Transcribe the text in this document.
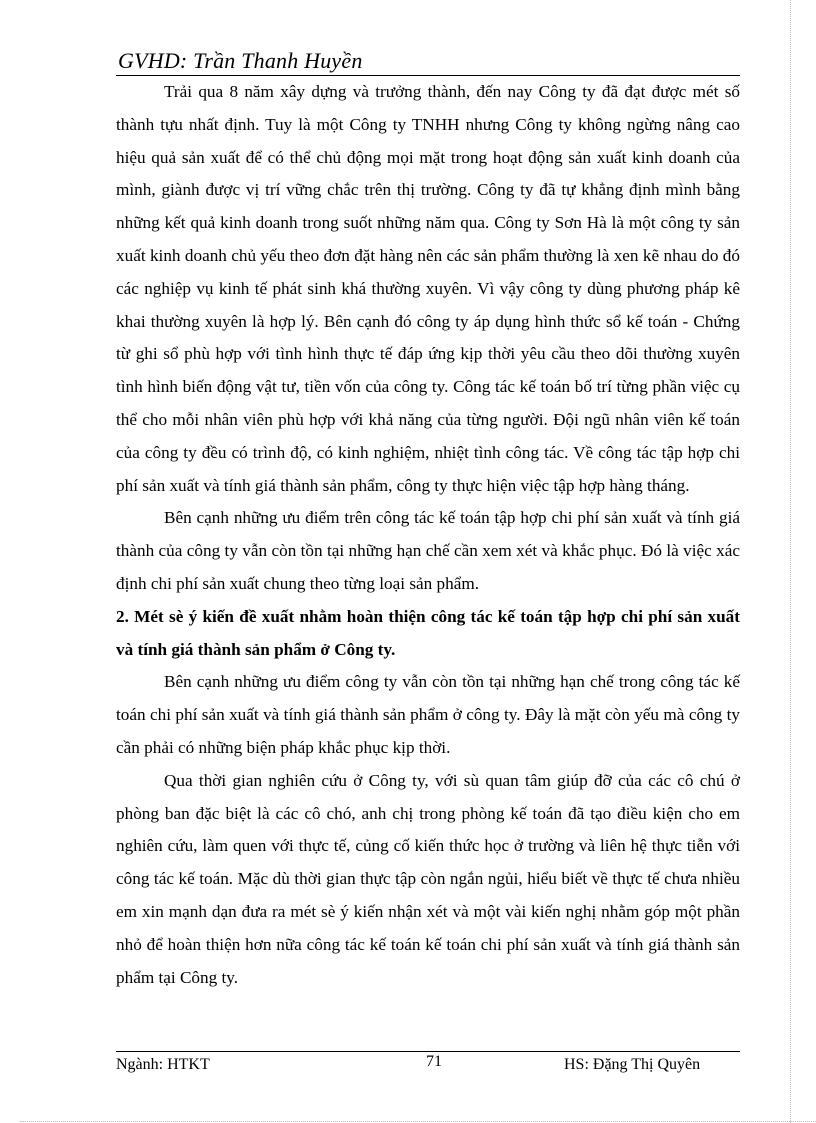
GVHD: Trần Thanh Huyền

Trải qua 8 năm xây dựng và trưởng thành, đến nay Công ty đã đạt được mét số thành tựu nhất định. Tuy là một Công ty TNHH nhưng Công ty không ngừng nâng cao hiệu quả sản xuất để có thể chủ động mọi mặt trong hoạt động sản xuất kinh doanh của mình, giành được vị trí vững chắc trên thị trường. Công ty đã tự khẳng định mình bằng những kết quả kinh doanh trong suốt những năm qua. Công ty Sơn Hà là một công ty sản xuất kinh doanh chủ yếu theo đơn đặt hàng nên các sản phẩm thường là xen kẽ nhau do đó các nghiệp vụ kinh tế phát sinh khá thường xuyên. Vì vậy công ty dùng phương pháp kê khai thường xuyên là hợp lý. Bên cạnh đó công ty áp dụng hình thức sổ kế toán - Chứng từ ghi sổ phù hợp với tình hình thực tế đáp ứng kịp thời yêu cầu theo dõi thường xuyên tình hình biến động vật tư, tiền vốn của công ty. Công tác kế toán bố trí từng phần việc cụ thể cho mỗi nhân viên phù hợp với khả năng của từng người. Đội ngũ nhân viên kế toán của công ty đều có trình độ, có kinh nghiệm, nhiệt tình công tác. Về công tác tập hợp chi phí sản xuất và tính giá thành sản phẩm, công ty thực hiện việc tập hợp hàng tháng.

Bên cạnh những ưu điểm trên công tác kế toán tập hợp chi phí sản xuất và tính giá thành của công ty vẫn còn tồn tại những hạn chế cần xem xét và khắc phục. Đó là việc xác định chi phí sản xuất chung theo từng loại sản phẩm.

2. Mét sè ý kiến đề xuất nhằm hoàn thiện công tác kế toán tập hợp chi phí sản xuất và tính giá thành sản phẩm ở Công ty.

Bên cạnh những ưu điểm công ty vẫn còn tồn tại những hạn chế trong công tác kế toán chi phí sản xuất và tính giá thành sản phẩm ở công ty. Đây là mặt còn yếu mà công ty cần phải có những biện pháp khắc phục kịp thời.

Qua thời gian nghiên cứu ở Công ty, với sù quan tâm giúp đỡ của các cô chú ở phòng ban đặc biệt là các cô chó, anh chị trong phòng kế toán đã tạo điều kiện cho em nghiên cứu, làm quen với thực tế, củng cố kiến thức học ở trường và liên hệ thực tiễn với công tác kế toán. Mặc dù thời gian thực tập còn ngắn ngủi, hiểu biết về thực tế chưa nhiều em xin mạnh dạn đưa ra mét sè ý kiến nhận xét và một vài kiến nghị nhằm góp một phần nhỏ để hoàn thiện hơn nữa công tác kế toán kế toán chi phí sản xuất và tính giá thành sản phẩm tại Công ty.

Ngành: HTKT	71	HS: Đặng Thị Quyên
